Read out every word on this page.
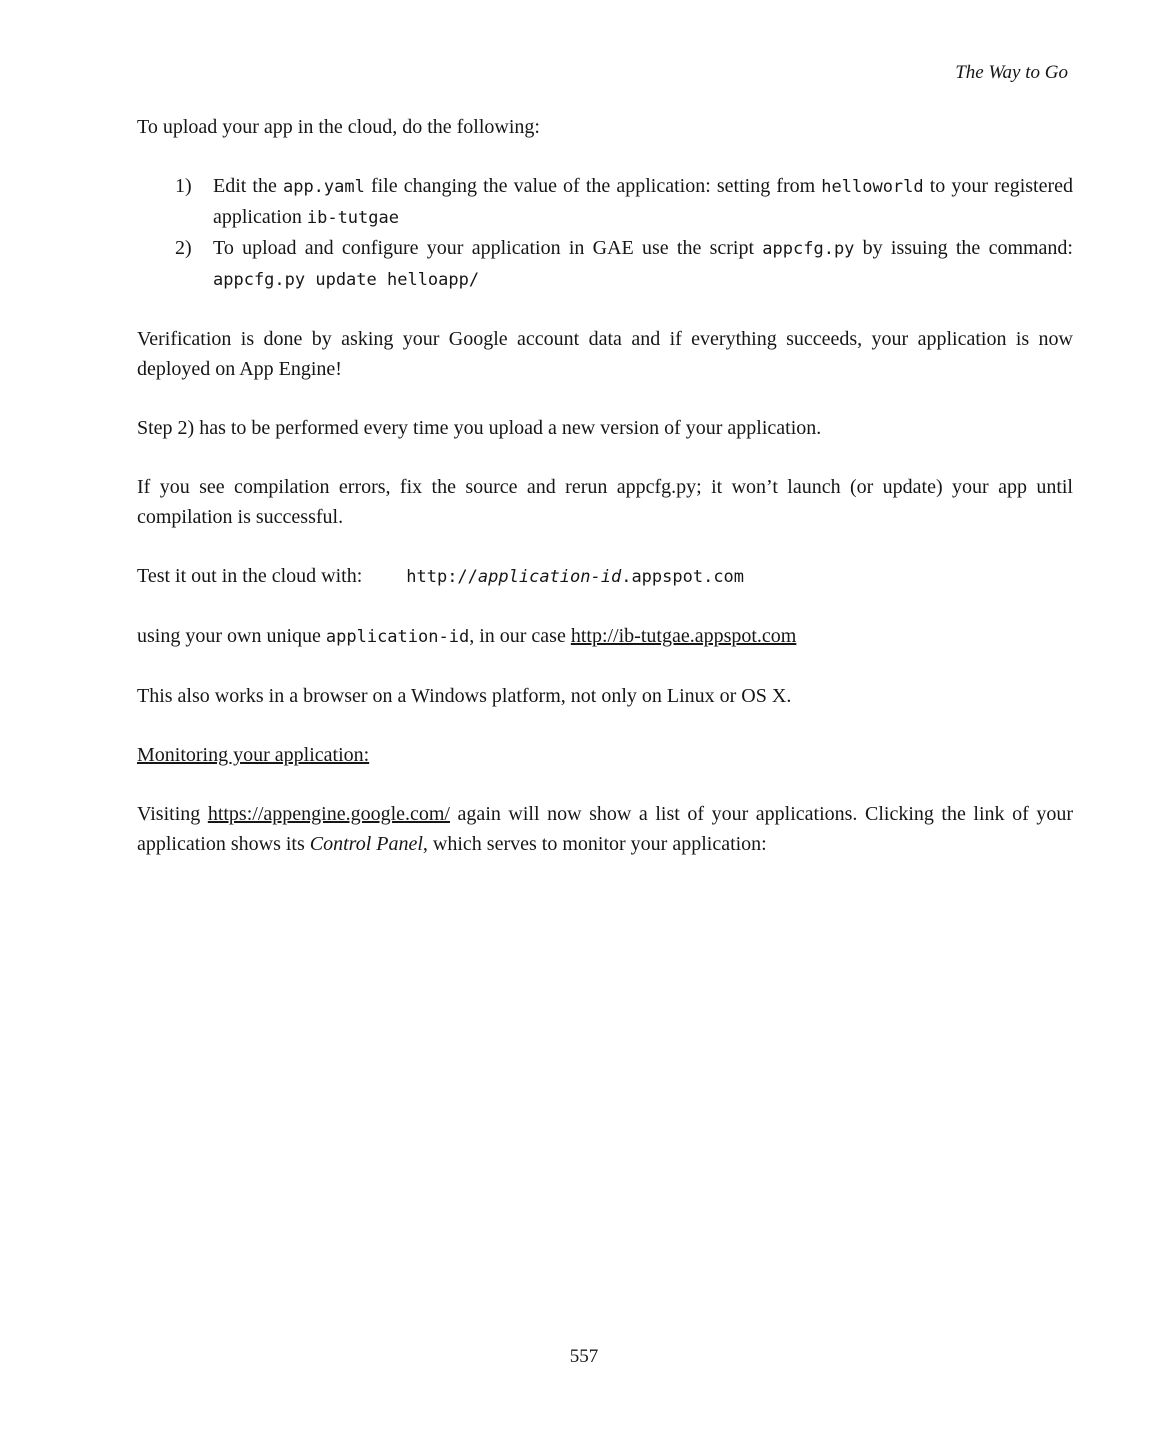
The Way to Go

To upload your app in the cloud, do the following:

1)	Edit the app.yaml file changing the value of the application: setting from helloworld to your registered application ib-tutgae
2)	To upload and configure your application in GAE use the script appcfg.py by issuing the command: appcfg.py update helloapp/

Verification is done by asking your Google account data and if everything succeeds, your application is now deployed on App Engine!

Step 2) has to be performed every time you upload a new version of your application.

If you see compilation errors, fix the source and rerun appcfg.py; it won’t launch (or update) your app until compilation is successful.

Test it out in the cloud with:	http://application-id.appspot.com

using your own unique application-id, in our case http://ib-tutgae.appspot.com

This also works in a browser on a Windows platform, not only on Linux or OS X.

Monitoring your application:

Visiting https://appengine.google.com/ again will now show a list of your applications. Clicking the link of your application shows its Control Panel, which serves to monitor your application:

557
